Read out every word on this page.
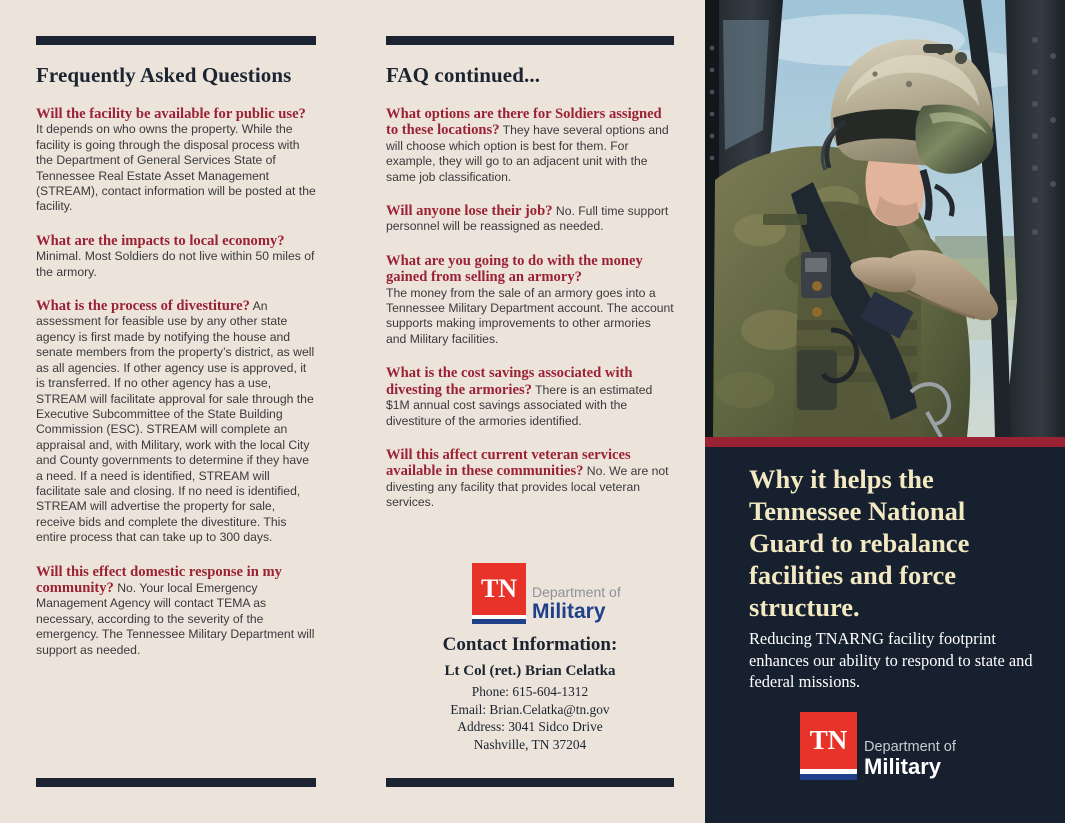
Frequently Asked Questions
Will the facility be available for public use? It depends on who owns the property. While the facility is going through the disposal process with the Department of General Services State of Tennessee Real Estate Asset Management (STREAM), contact information will be posted at the facility.
What are the impacts to local economy?
Minimal. Most Soldiers do not live within 50 miles of the armory.
What is the process of divestiture? An assessment for feasible use by any other state agency is first made by notifying the house and senate members from the property’s district, as well as all agencies. If other agency use is approved, it is transferred. If no other agency has a use, STREAM will facilitate approval for sale through the Executive Subcommittee of the State Building Commission (ESC). STREAM will complete an appraisal and, with Military, work with the local City and County governments to determine if they have a need. If a need is identified, STREAM will facilitate sale and closing. If no need is identified, STREAM will advertise the property for sale, receive bids and complete the divestiture. This entire process that can take up to 300 days.
Will this effect domestic response in my community? No. Your local Emergency Management Agency will contact TEMA as necessary, according to the severity of the emergency. The Tennessee Military Department will support as needed.
FAQ continued...
What options are there for Soldiers assigned to these locations? They have several options and will choose which option is best for them. For example, they will go to an adjacent unit with the same job classification.
Will anyone lose their job? No. Full time support personnel will be reassigned as needed.
What are you going to do with the money gained from selling an armory?
The money from the sale of an armory goes into a Tennessee Military Department account. The account supports making improvements to other armories and Military facilities.
What is the cost savings associated with divesting the armories? There is an estimated $1M annual cost savings associated with the divestiture of the armories identified.
Will this affect current veteran services available in these communities? No. We are not divesting any facility that provides local veteran services.
TN	Department of
Military
Contact Information:
Lt Col (ret.) Brian Celatka
Phone: 615-604-1312
Email: Brian.Celatka@tn.gov
Address: 3041 Sidco Drive
Nashville, TN 37204
Why it helps the Tennessee National Guard to rebalance facilities and force structure.
Reducing TNARNG facility footprint enhances our ability to respond to state and federal missions.
TN	Department of
Military
